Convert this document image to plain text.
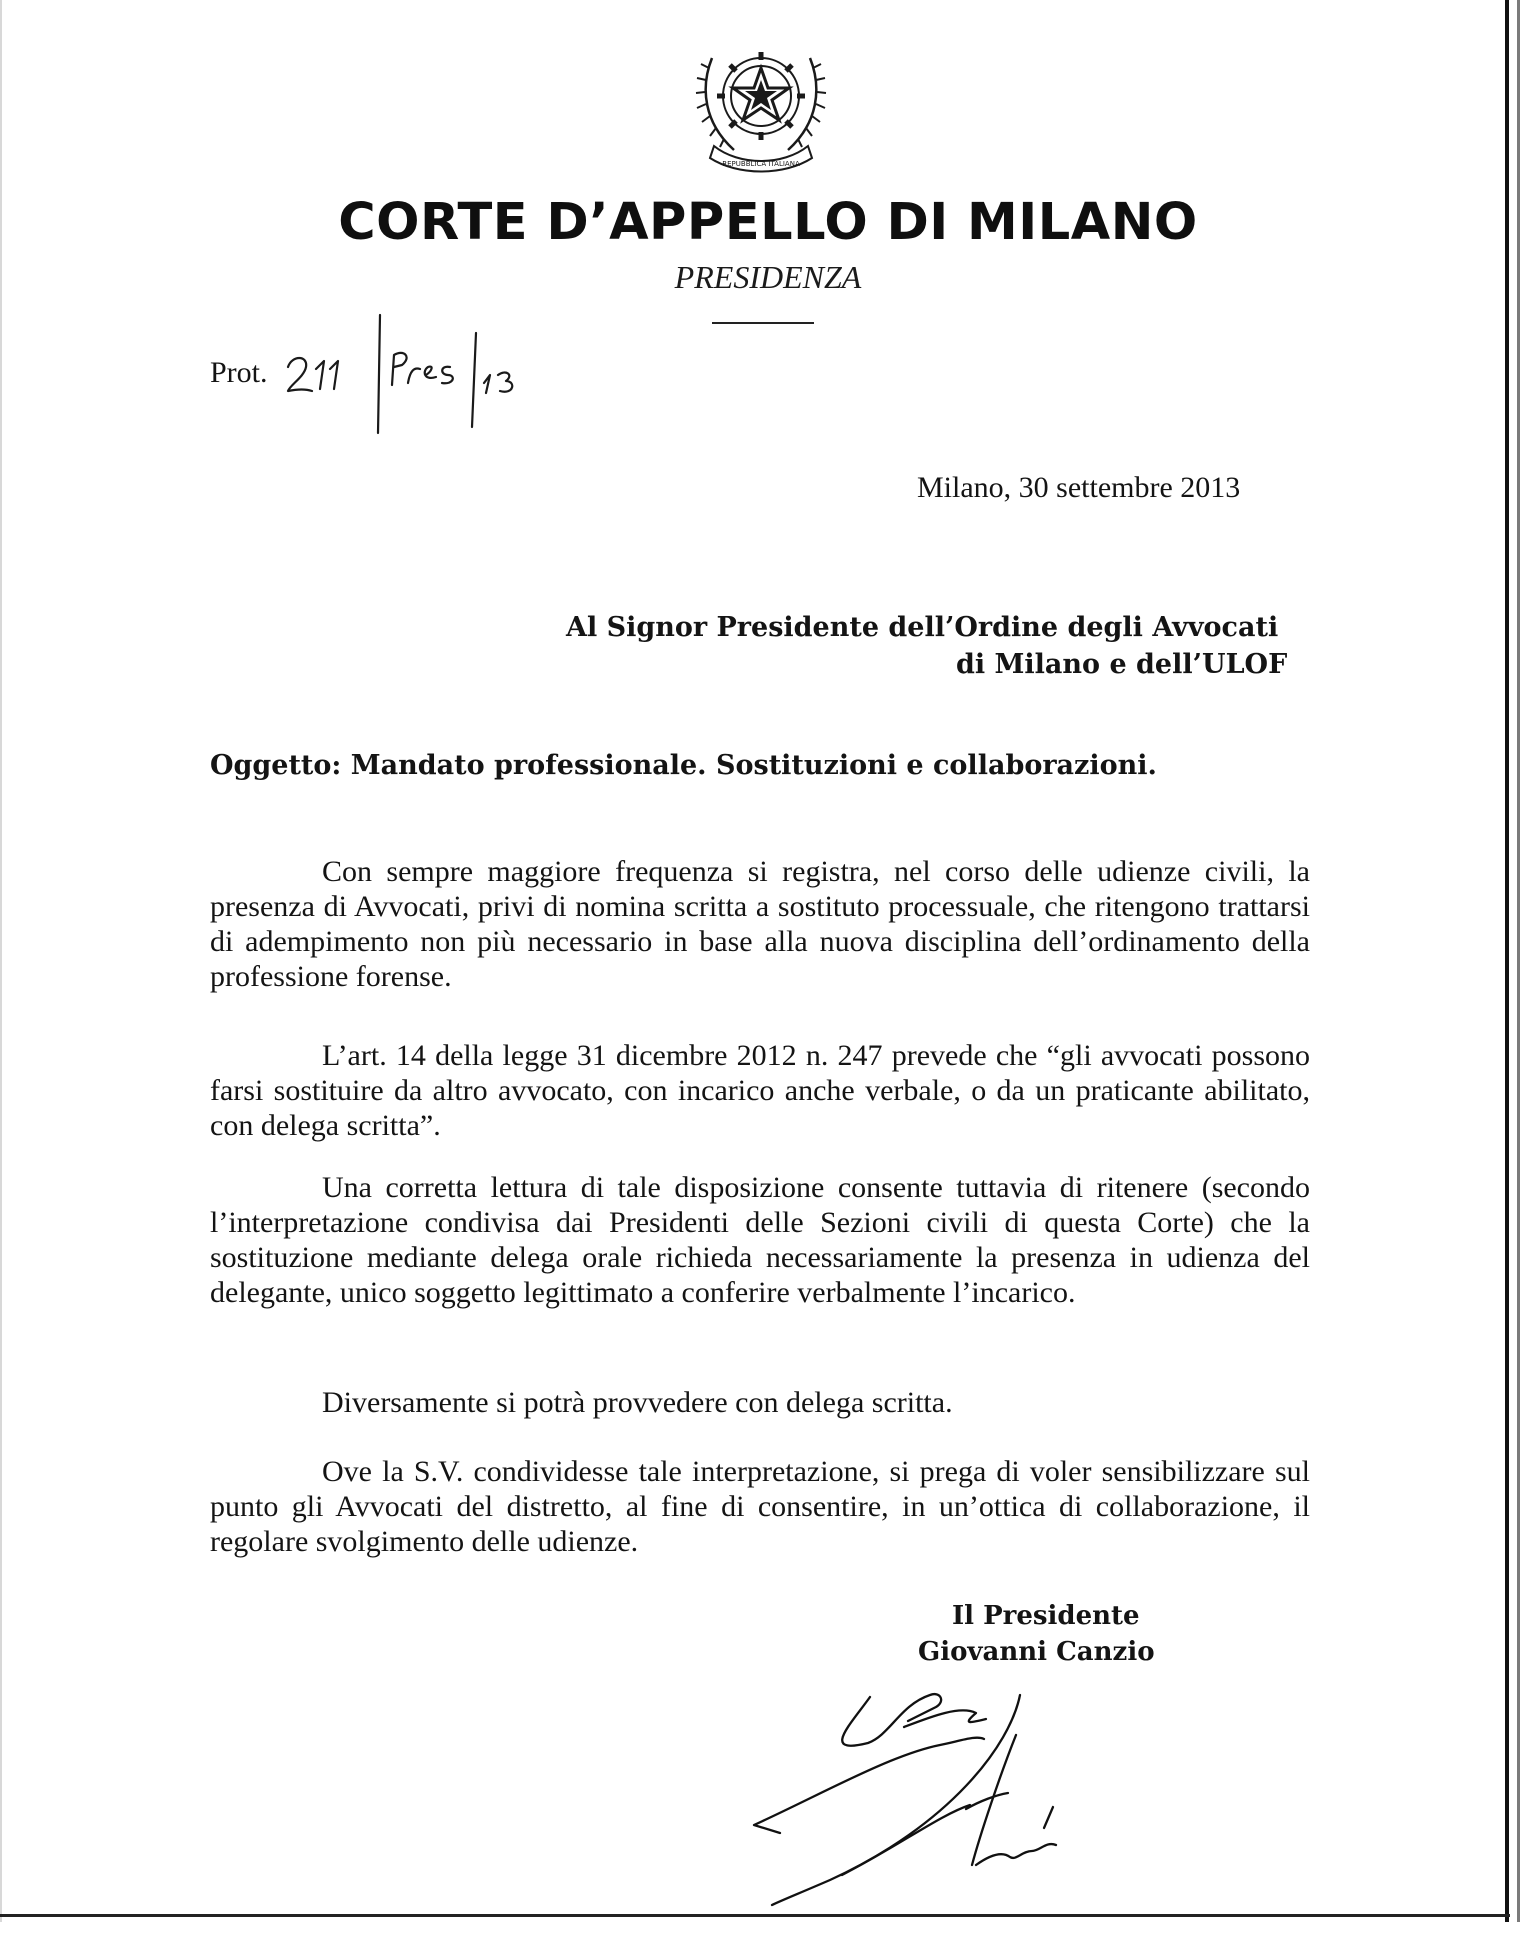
REPUBBLICA ITALIANA
CORTE D’APPELLO DI MILANO
PRESIDENZA
Prot.
Milano, 30 settembre 2013
Al Signor Presidente dell’Ordine degli Avvocati
di Milano e dell’ULOF
Oggetto: Mandato professionale. Sostituzioni e collaborazioni.

Con sempre maggiore frequenza si registra, nel corso delle udienze civili, la presenza di Avvocati, privi di nomina scritta a sostituto processuale, che ritengono trattarsi di adempimento non più necessario in base alla nuova disciplina dell’ordinamento della professione forense.

L’art. 14 della legge 31 dicembre 2012 n. 247 prevede che “gli avvocati possono farsi sostituire da altro avvocato, con incarico anche verbale, o da un praticante abilitato, con delega scritta”.

Una corretta lettura di tale disposizione consente tuttavia di ritenere (secondo l’interpretazione condivisa dai Presidenti delle Sezioni civili di questa Corte) che la sostituzione mediante delega orale richieda necessariamente la presenza in udienza del delegante, unico soggetto legittimato a conferire verbalmente l’incarico.

Diversamente si potrà provvedere con delega scritta.

Ove la S.V. condividesse tale interpretazione, si prega di voler sensibilizzare sul punto gli Avvocati del distretto, al fine di consentire, in un’ottica di collaborazione, il regolare svolgimento delle udienze.

Il Presidente
Giovanni Canzio
